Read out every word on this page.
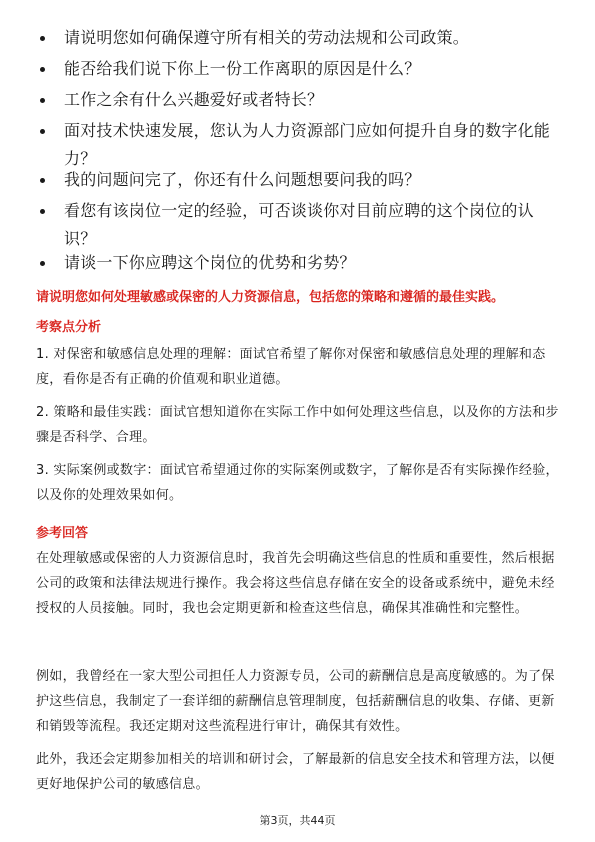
请说明您如何确保遵守所有相关的劳动法规和公司政策。
能否给我们说下你上一份工作离职的原因是什么？
工作之余有什么兴趣爱好或者特长？
面对技术快速发展，您认为人力资源部门应如何提升自身的数字化能力？
我的问题问完了，你还有什么问题想要问我的吗？
看您有该岗位一定的经验，可否谈谈你对目前应聘的这个岗位的认识？
请谈一下你应聘这个岗位的优势和劣势？
请说明您如何处理敏感或保密的人力资源信息，包括您的策略和遵循的最佳实践。
考察点分析
1. 对保密和敏感信息处理的理解：面试官希望了解你对保密和敏感信息处理的理解和态度，看你是否有正确的价值观和职业道德。
2. 策略和最佳实践：面试官想知道你在实际工作中如何处理这些信息，以及你的方法和步骤是否科学、合理。
3. 实际案例或数字：面试官希望通过你的实际案例或数字，了解你是否有实际操作经验，以及你的处理效果如何。
参考回答
在处理敏感或保密的人力资源信息时，我首先会明确这些信息的性质和重要性，然后根据公司的政策和法律法规进行操作。我会将这些信息存储在安全的设备或系统中，避免未经授权的人员接触。同时，我也会定期更新和检查这些信息，确保其准确性和完整性。
例如，我曾经在一家大型公司担任人力资源专员，公司的薪酬信息是高度敏感的。为了保护这些信息，我制定了一套详细的薪酬信息管理制度，包括薪酬信息的收集、存储、更新和销毁等流程。我还定期对这些流程进行审计，确保其有效性。
此外，我还会定期参加相关的培训和研讨会，了解最新的信息安全技术和管理方法，以便更好地保护公司的敏感信息。
第3页，共44页
